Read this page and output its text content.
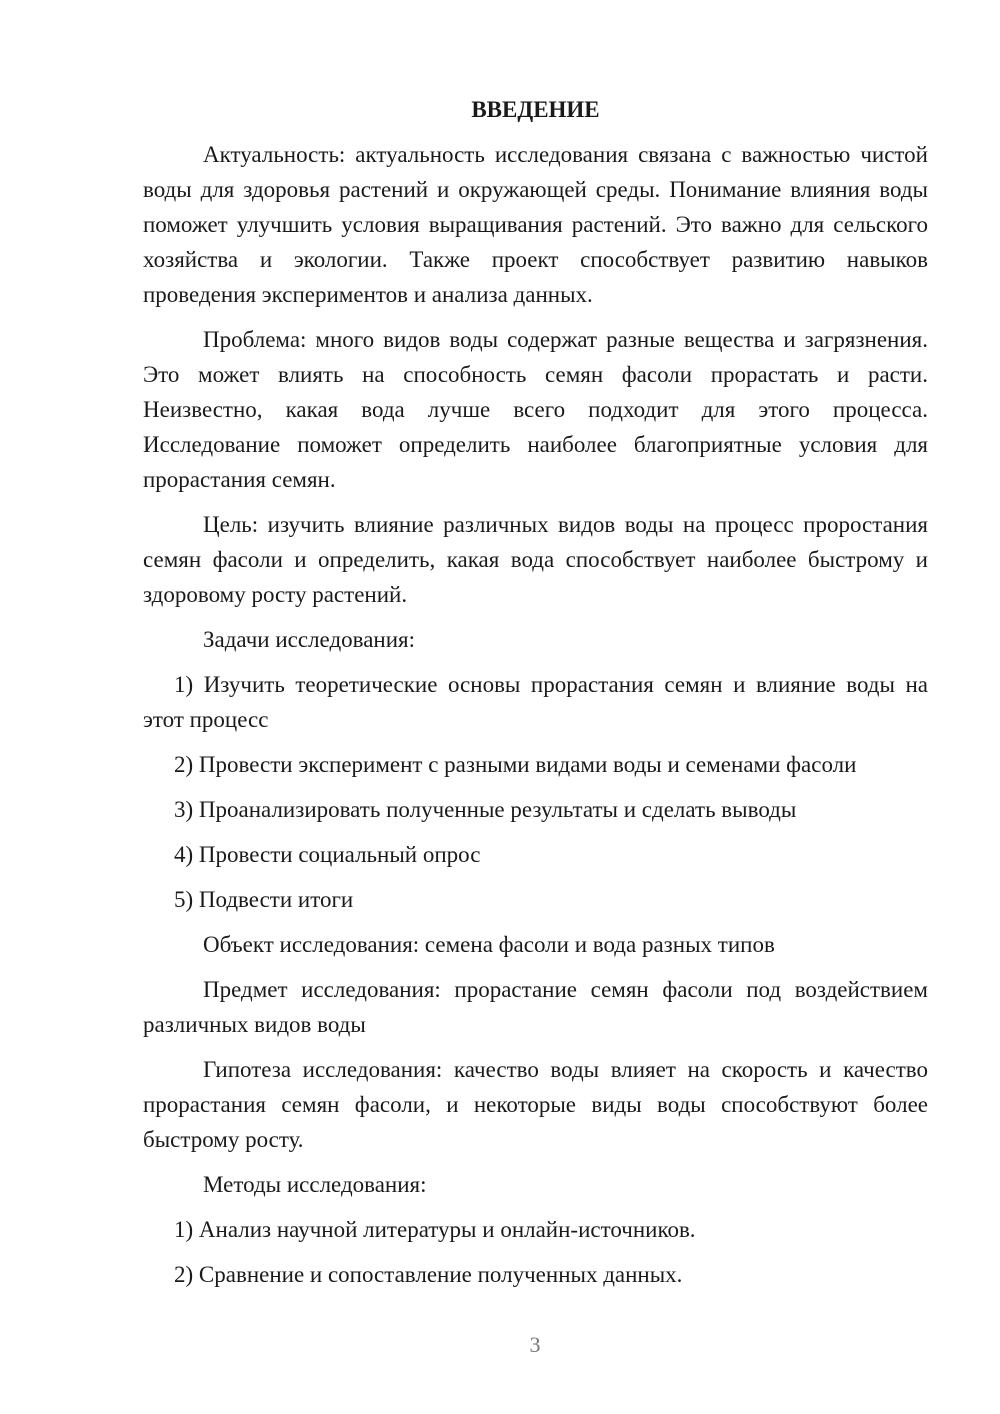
ВВЕДЕНИЕ

Актуальность: актуальность исследования связана с важностью чистой воды для здоровья растений и окружающей среды. Понимание влияния воды поможет улучшить условия выращивания растений. Это важно для сельского хозяйства и экологии. Также проект способствует развитию навыков проведения экспериментов и анализа данных.

Проблема: много видов воды содержат разные вещества и загрязнения. Это может влиять на способность семян фасоли прорастать и расти. Неизвестно, какая вода лучше всего подходит для этого процесса. Исследование поможет определить наиболее благоприятные условия для прорастания семян.

Цель: изучить влияние различных видов воды на процесс проростания семян фасоли и определить, какая вода способствует наиболее быстрому и здоровому росту растений.

Задачи исследования:

1) Изучить теоретические основы прорастания семян и влияние воды на этот процесс

2) Провести эксперимент с разными видами воды и семенами фасоли

3) Проанализировать полученные результаты и сделать выводы

4) Провести социальный опрос

5) Подвести итоги

Объект исследования: семена фасоли и вода разных типов

Предмет исследования: прорастание семян фасоли под воздействием различных видов воды

Гипотеза исследования: качество воды влияет на скорость и качество прорастания семян фасоли, и некоторые виды воды способствуют более быстрому росту.

Методы исследования:

1) Анализ научной литературы и онлайн-источников.

2) Сравнение и сопоставление полученных данных.

3
